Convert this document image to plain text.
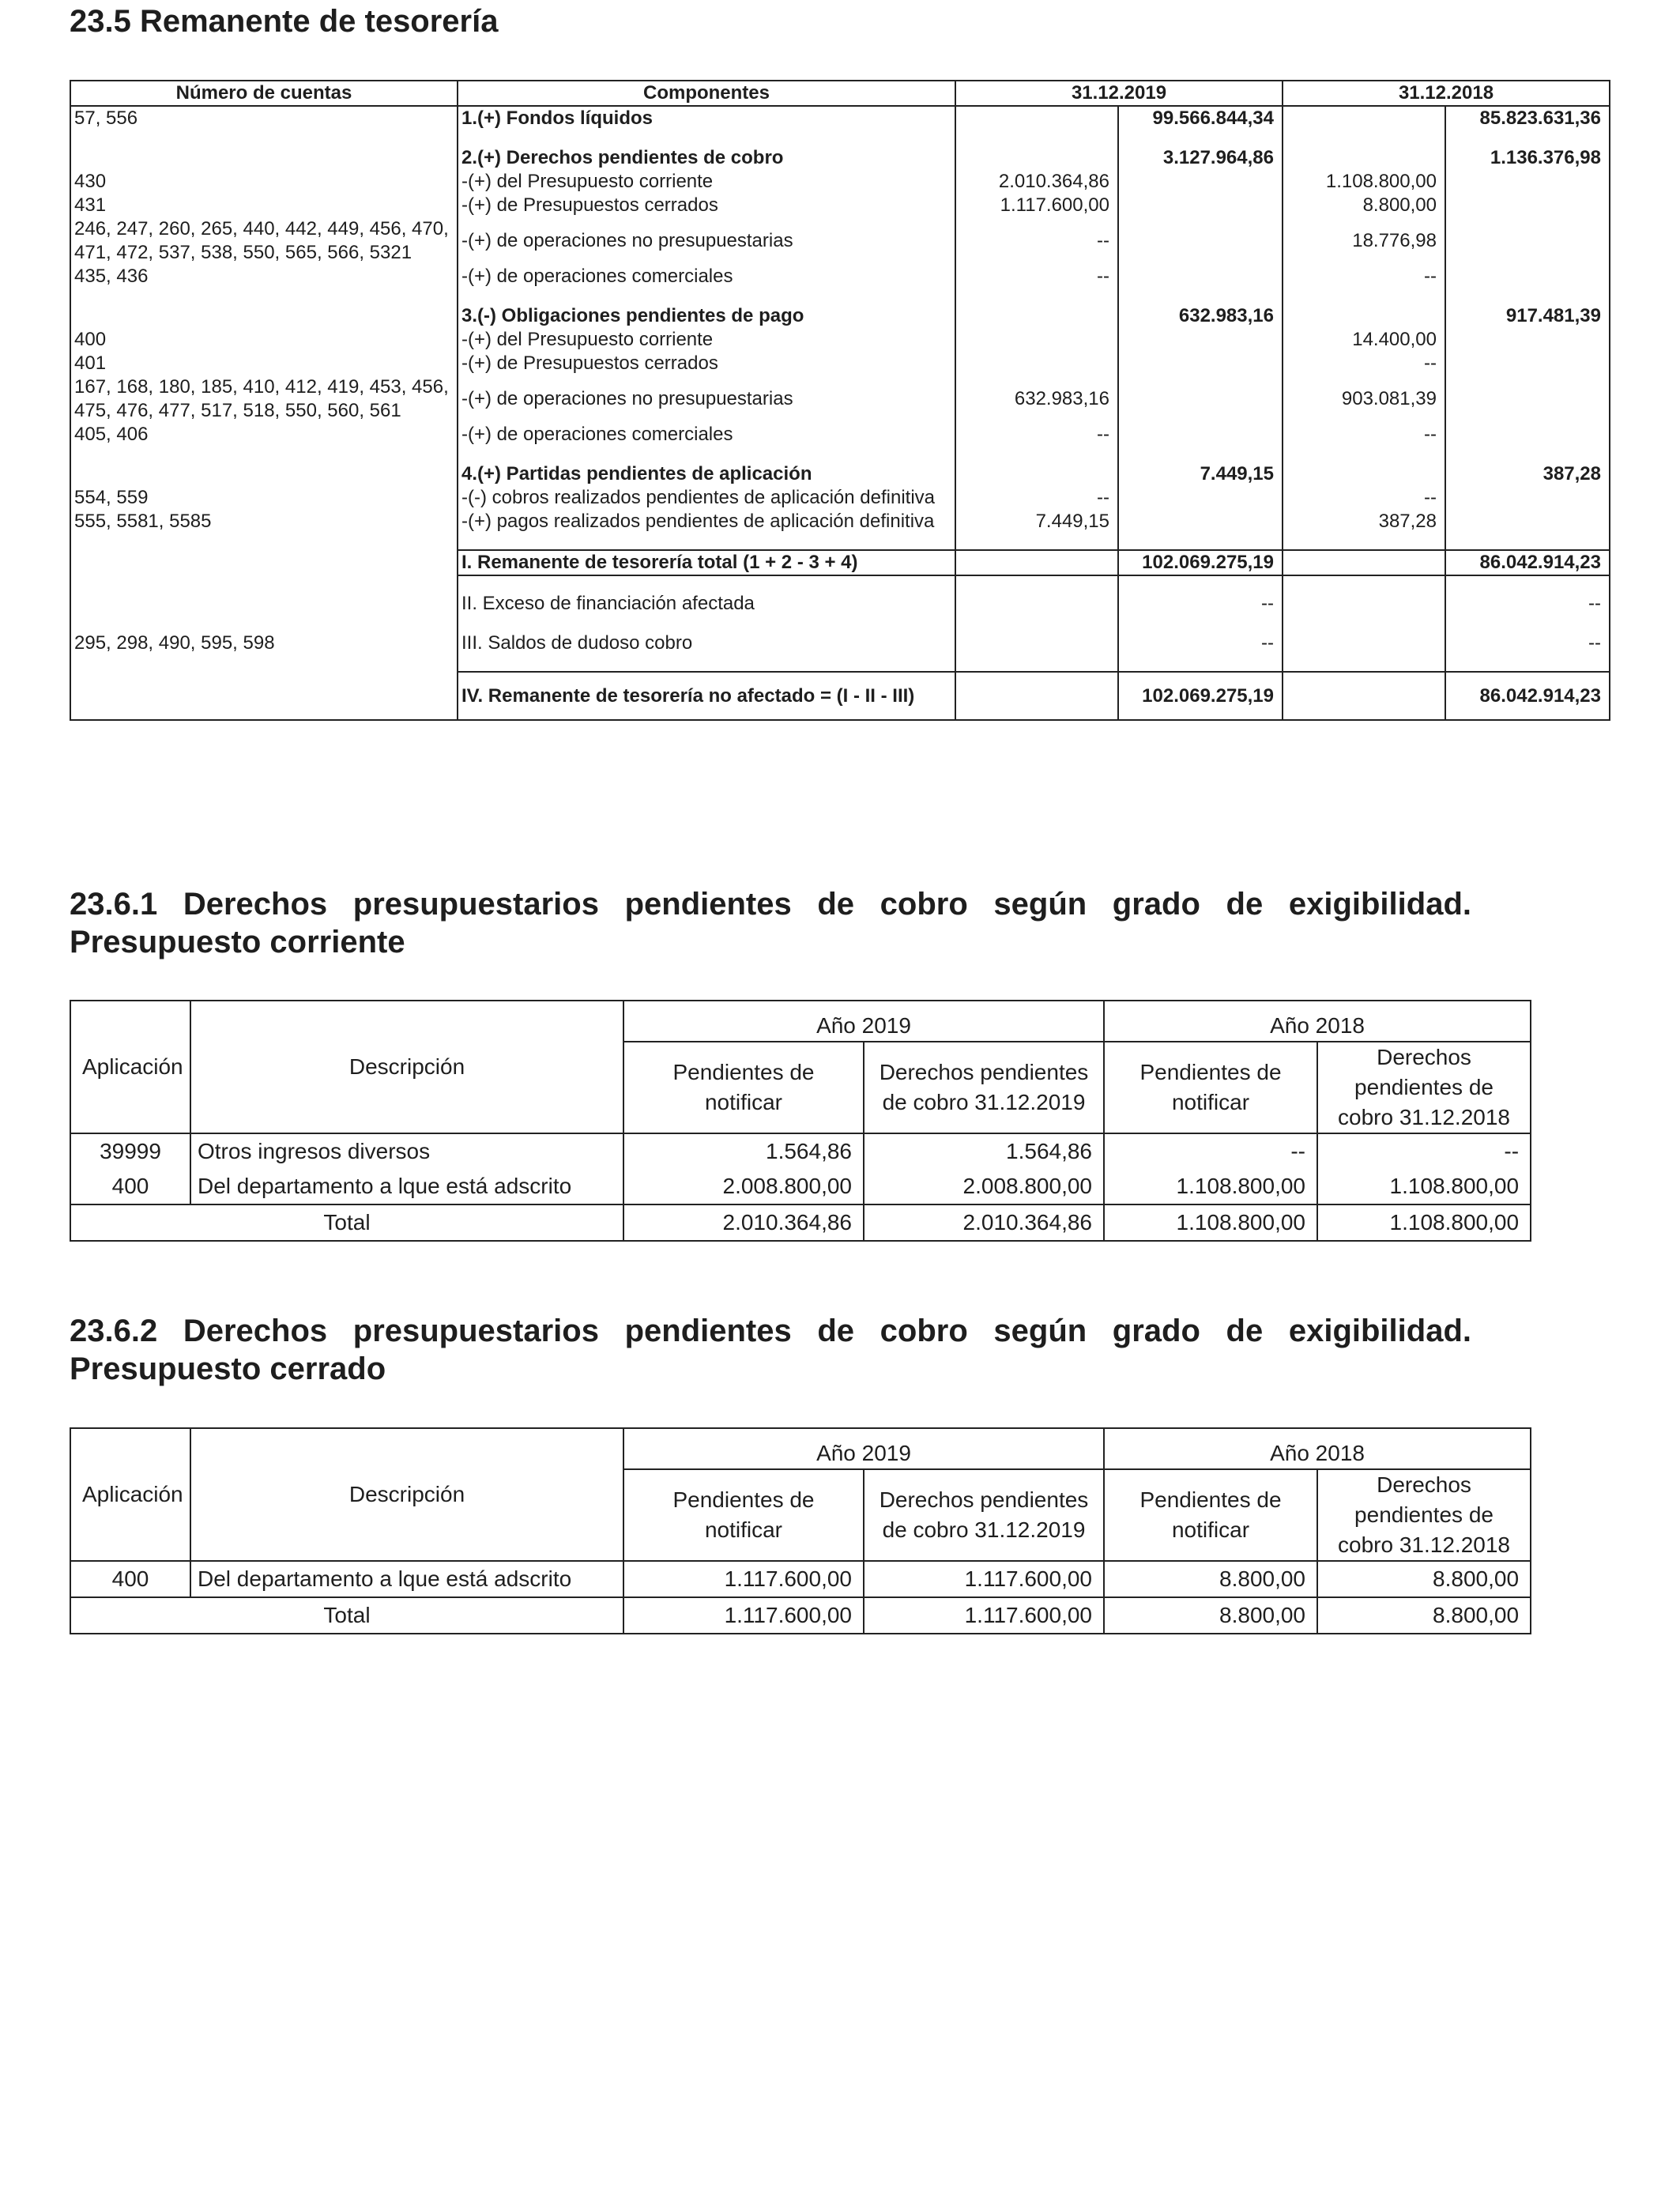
23.5 Remanente de tesorería
Número de cuentas	Componentes	31.12.2019		31.12.2018	
57, 556	1.(+) Fondos líquidos		99.566.844,34		85.823.631,36

	2.(+) Derechos pendientes de cobro		3.127.964,86		1.136.376,98
430	-(+) del Presupuesto corriente	2.010.364,86		1.108.800,00	
431	-(+) de Presupuestos cerrados	1.117.600,00		8.800,00	
246, 247, 260, 265, 440, 442, 449, 456, 470, 471, 472, 537, 538, 550, 565, 566, 5321	-(+) de operaciones no presupuestarias	--		18.776,98	
435, 436	-(+) de operaciones comerciales	--		--	

	3.(-) Obligaciones pendientes de pago		632.983,16		917.481,39
400	-(+) del Presupuesto corriente			14.400,00	
401	-(+) de Presupuestos cerrados			--	
167, 168, 180, 185, 410, 412, 419, 453, 456, 475, 476, 477, 517, 518, 550, 560, 561	-(+) de operaciones no presupuestarias	632.983,16		903.081,39	
405, 406	-(+) de operaciones comerciales	--		--	

	4.(+) Partidas pendientes de aplicación		7.449,15		387,28
554, 559	-(-) cobros realizados pendientes de aplicación definitiva	--		--	
555, 5581, 5585	-(+) pagos realizados pendientes de aplicación definitiva	7.449,15		387,28	

	I. Remanente de tesorería total (1 + 2 - 3 + 4)		102.069.275,19		86.042.914,23

	II. Exceso de financiación afectada		--		--

295, 298, 490, 595, 598	III. Saldos de dudoso cobro		--		--

	IV. Remanente de tesorería no afectado = (I - II - III)		102.069.275,19		86.042.914,23
23.6.1 Derechos presupuestarios pendientes de cobro según grado de exigibilidad. Presupuesto corriente
Aplicación	Descripción	Año 2019		Año 2018	
		Pendientes de notificar	Derechos pendientes de cobro 31.12.2019	Pendientes de notificar	Derechos pendientes de cobro 31.12.2018
39999	Otros ingresos diversos	1.564,86	1.564,86	--	--
400	Del departamento a lque está adscrito	2.008.800,00	2.008.800,00	1.108.800,00	1.108.800,00
Total		2.010.364,86	2.010.364,86	1.108.800,00	1.108.800,00
23.6.2 Derechos presupuestarios pendientes de cobro según grado de exigibilidad. Presupuesto cerrado
Aplicación	Descripción	Año 2019		Año 2018	
		Pendientes de notificar	Derechos pendientes de cobro 31.12.2019	Pendientes de notificar	Derechos pendientes de cobro 31.12.2018
400	Del departamento a lque está adscrito	1.117.600,00	1.117.600,00	8.800,00	8.800,00
Total		1.117.600,00	1.117.600,00	8.800,00	8.800,00
